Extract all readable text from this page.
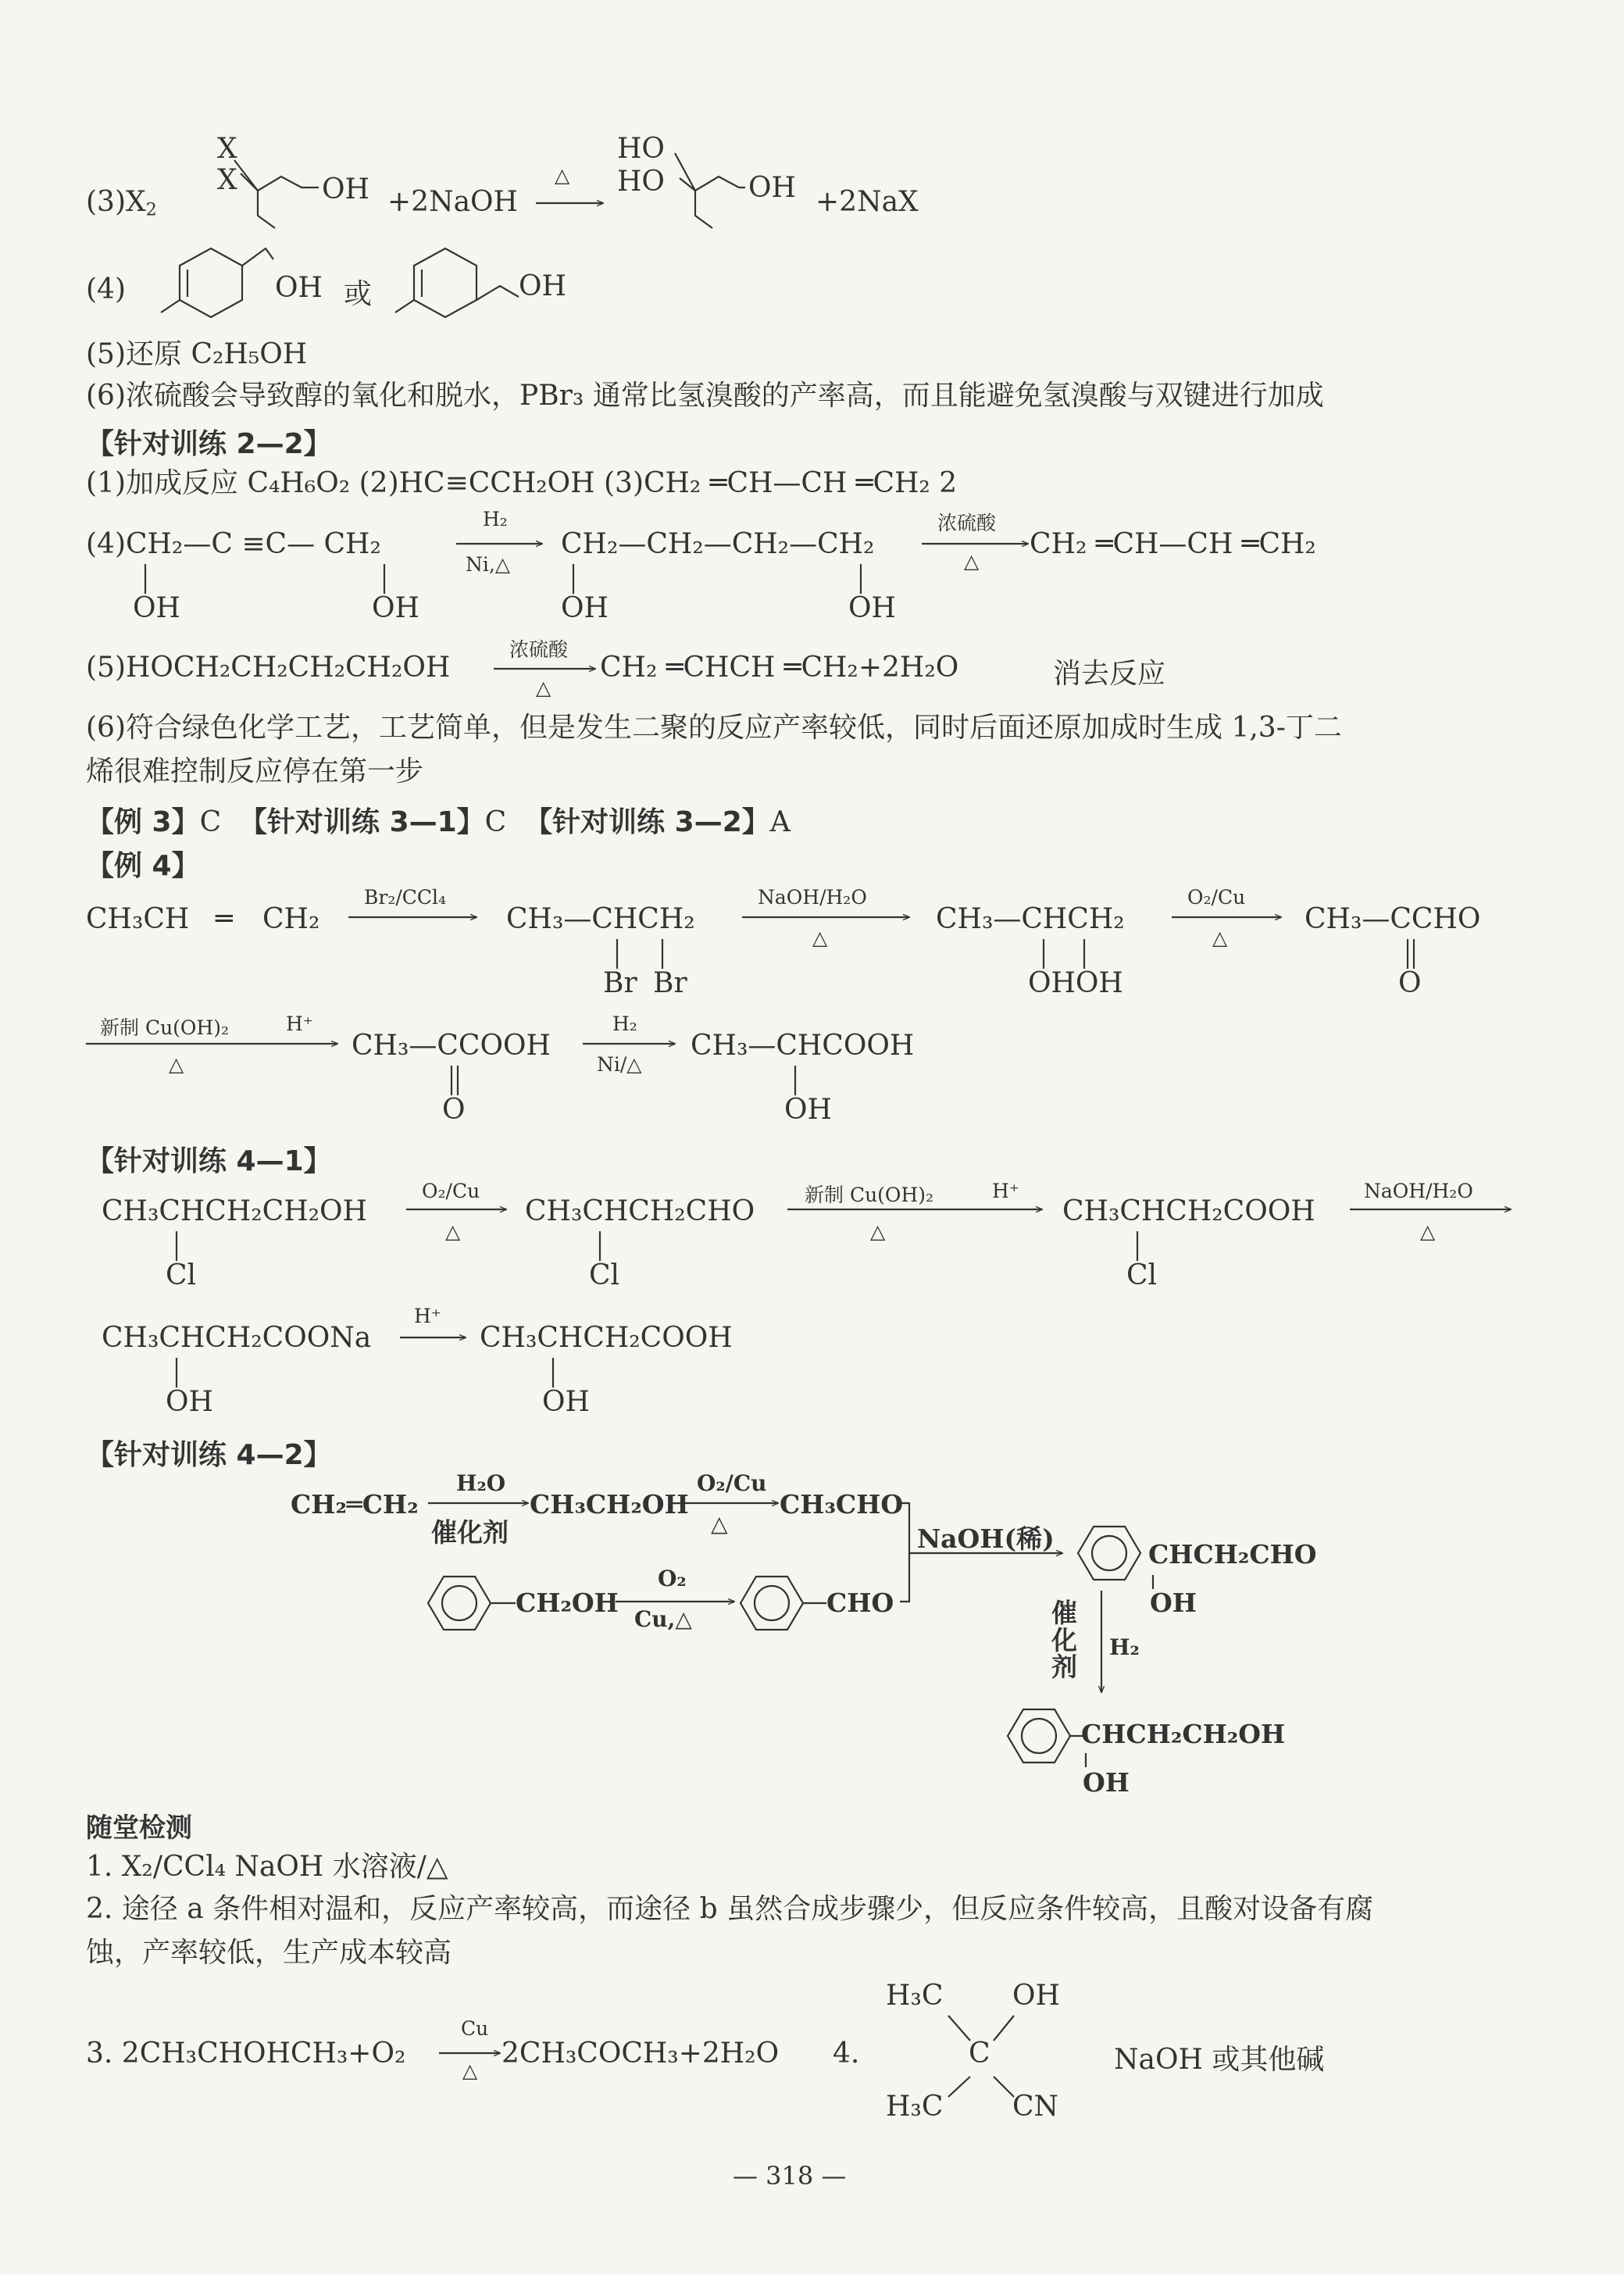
$(3)X_2$
X
X	OH +2NaOH
△
HO
HO	OH +2NaX
(4)	OH 或	OH
(5)还原 C₂H₅OH
(6)浓硫酸会导致醇的氧化和脱水，PBr₃ 通常比氢溴酸的产率高，而且能避免氢溴酸与双键进行加成
【针对训练 2—2】
(1)加成反应 C₄H₆O₂ (2)HC≡CCH₂OH (3)CH₂ ═CH—CH ═CH₂ 2
(4)CH₂—C ≡C— CH₂
H₂
Ni,△
CH₂—CH₂—CH₂—CH₂
浓硫酸
△
CH₂ ═CH—CH ═CH₂
OH	OH	OH	OH
(5)HOCH₂CH₂CH₂CH₂OH
浓硫酸
△
CH₂ ═CHCH ═CH₂+2H₂O	消去反应
(6)符合绿色化学工艺，工艺简单，但是发生二聚的反应产率较低，同时后面还原加成时生成 1,3-丁二
烯很难控制反应停在第一步
【例 3】C 【针对训练 3—1】C 【针对训练 3—2】A
【例 4】
CH₃CH ═ CH₂
Br₂/CCl₄
CH₃—CHCH₂
Br Br
NaOH/H₂O
△
CH₃—CHCH₂
OHOH
O₂/Cu
△
CH₃—CCHO
O
新制 Cu(OH)₂	H⁺
△
CH₃—CCOOH
O
H₂
Ni/△
CH₃—CHCOOH
OH
【针对训练 4—1】
CH₃CHCH₂CH₂OH
Cl
O₂/Cu
△
CH₃CHCH₂CHO
Cl
新制 Cu(OH)₂	H⁺
△
CH₃CHCH₂COOH
Cl
NaOH/H₂O
△
CH₃CHCH₂COONa
OH
H⁺
CH₃CHCH₂COOH
OH
【针对训练 4—2】
CH₂═CH₂
H₂O
催化剂
CH₃CH₂OH
O₂/Cu
△
CH₃CHO
NaOH(稀)
CHCH₂CHO
OH
CH₂OH
O₂
Cu,△
CHO	催化剂
H₂
CHCH₂CH₂OH
OH
随堂检测
1. X₂/CCl₄ NaOH 水溶液/△
2. 途径 a 条件相对温和，反应产率较高，而途径 b 虽然合成步骤少，但反应条件较高，且酸对设备有腐
蚀，产率较低，生产成本较高
3. 2CH₃CHOHCH₃+O₂
Cu
△
2CH₃COCH₃+2H₂O 4.
H₃C OH
C
H₃C CN
NaOH 或其他碱
— 318 —
